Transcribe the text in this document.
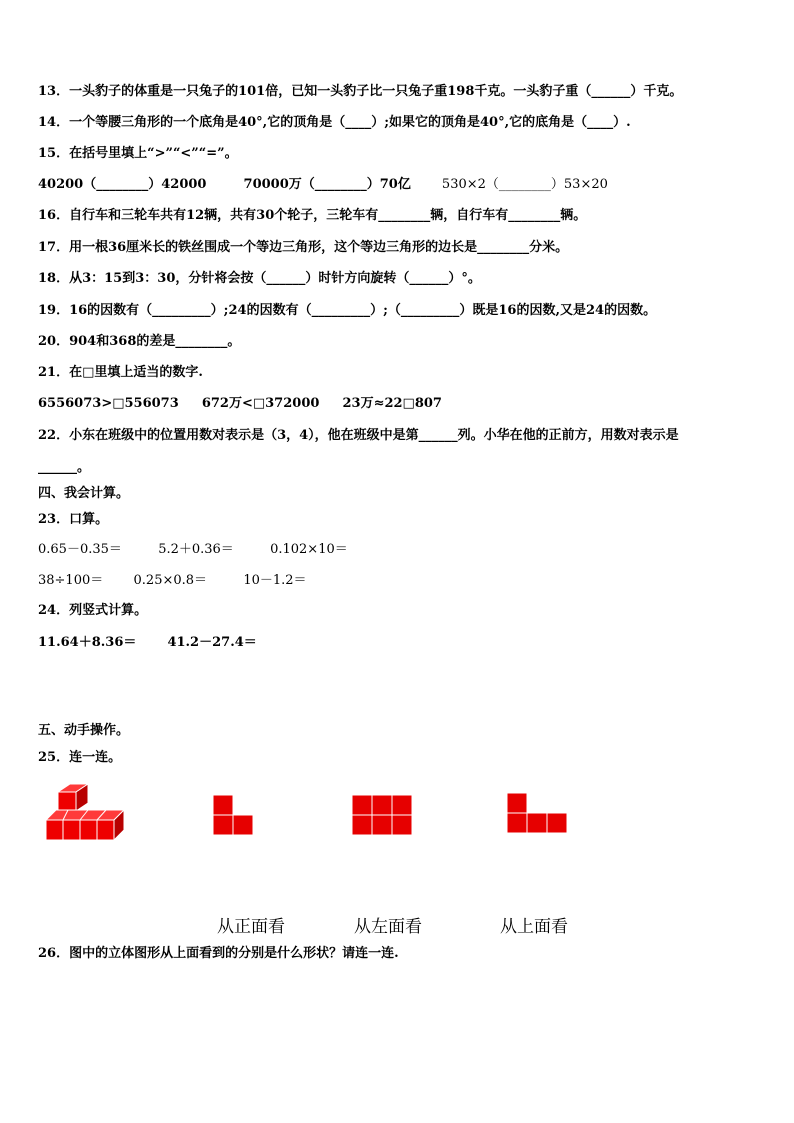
13．一头豹子的体重是一只兔子的101倍，已知一头豹子比一只兔子重198千克。一头豹子重（______）千克。
14．一个等腰三角形的一个底角是40°,它的顶角是（____）;如果它的顶角是40°,它的底角是（____）.
15．在括号里填上“>”“<”“=”。
40200（________）42000	70000万（________）70亿 530×2（________）53×20
16．自行车和三轮车共有12辆，共有30个轮子，三轮车有________辆，自行车有________辆。
17．用一根36厘米长的铁丝围成一个等边三角形，这个等边三角形的边长是________分米。
18．从3：15到3：30，分针将会按（______）时针方向旋转（______）°。
19．16的因数有（_________）;24的因数有（_________）;（_________）既是16的因数,又是24的因数。
20．904和368的差是________。
21．在□里填上适当的数字.
6556073>□556073 672万<□372000 23万≈22□807
22．小东在班级中的位置用数对表示是（3，4），他在班级中是第______列。小华在他的正前方，用数对表示是
______。
四、我会计算。
23．口算。
0.65－0.35＝	5.2＋0.36＝	0.102×10＝
38÷100＝ 0.25×0.8＝	10－1.2＝
24．列竖式计算。
11.64＋8.36＝ 41.2－27.4＝
五、动手操作。
25．连一连。
从正面看	从左面看	从上面看
26．图中的立体图形从上面看到的分别是什么形状？请连一连.
